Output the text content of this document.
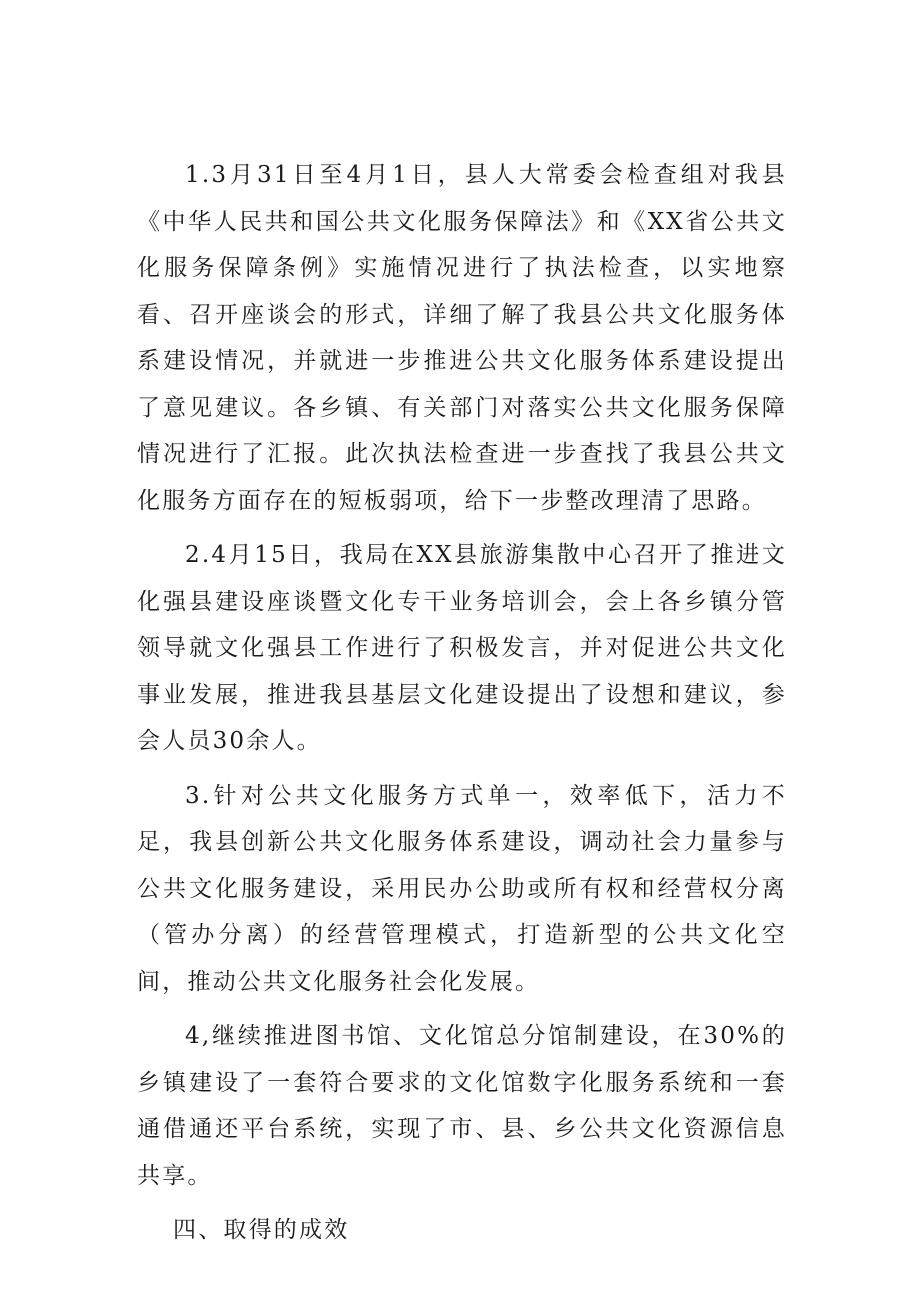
1.3月31日至4月1日，县人大常委会检查组对我县《中华人民共和国公共文化服务保障法》和《XX省公共文化服务保障条例》实施情况进行了执法检查，以实地察看、召开座谈会的形式，详细了解了我县公共文化服务体系建设情况，并就进一步推进公共文化服务体系建设提出了意见建议。各乡镇、有关部门对落实公共文化服务保障情况进行了汇报。此次执法检查进一步查找了我县公共文化服务方面存在的短板弱项，给下一步整改理清了思路。

2.4月15日，我局在XX县旅游集散中心召开了推进文化强县建设座谈暨文化专干业务培训会，会上各乡镇分管领导就文化强县工作进行了积极发言，并对促进公共文化事业发展，推进我县基层文化建设提出了设想和建议，参会人员30余人。

3.针对公共文化服务方式单一，效率低下，活力不足，我县创新公共文化服务体系建设，调动社会力量参与公共文化服务建设，采用民办公助或所有权和经营权分离（管办分离）的经营管理模式，打造新型的公共文化空间，推动公共文化服务社会化发展。

4,继续推进图书馆、文化馆总分馆制建设，在30%的乡镇建设了一套符合要求的文化馆数字化服务系统和一套通借通还平台系统，实现了市、县、乡公共文化资源信息共享。

四、取得的成效
